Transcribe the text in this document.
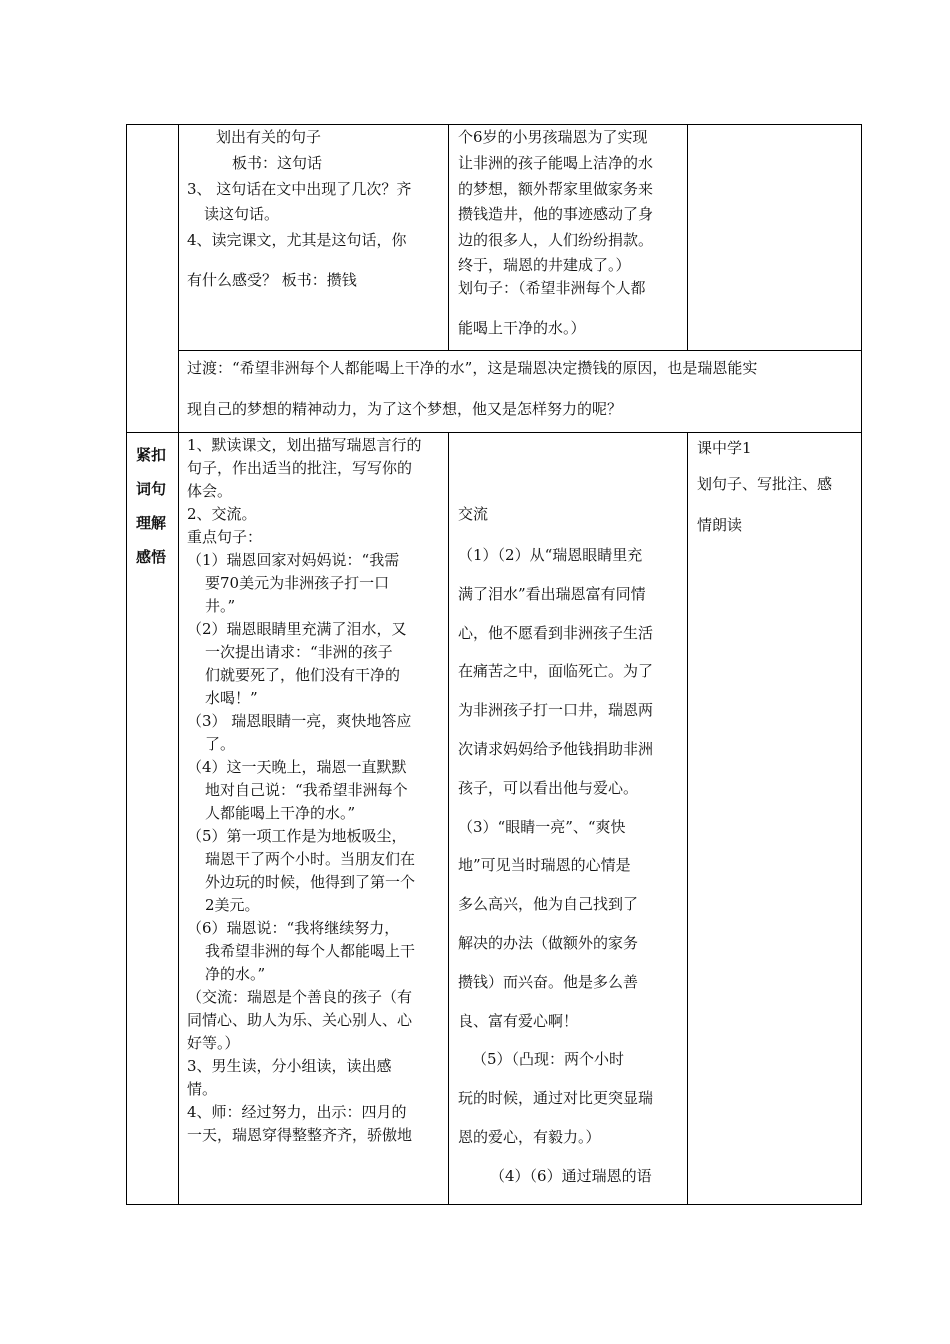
划出有关的句子
板书：这句话
3、 这句话在文中出现了几次？齐
读这句话。
4、读完课文，尤其是这句话，你
有什么感受？ 板书：攒钱
个6岁的小男孩瑞恩为了实现
让非洲的孩子能喝上洁净的水
的梦想，额外帮家里做家务来
攒钱造井，他的事迹感动了身
边的很多人，人们纷纷捐款。
终于，瑞恩的井建成了。）
划句子：（希望非洲每个人都
能喝上干净的水。）
过渡：“希望非洲每个人都能喝上干净的水”，这是瑞恩决定攒钱的原因，也是瑞恩能实
现自己的梦想的精神动力，为了这个梦想，他又是怎样努力的呢？
紧扣
词句
理解
感悟
1、默读课文，划出描写瑞恩言行的
句子，作出适当的批注，写写你的
体会。
2、交流。
重点句子：
（1）瑞恩回家对妈妈说：“我需
要70美元为非洲孩子打一口
井。”
（2）瑞恩眼睛里充满了泪水，又
一次提出请求：“非洲的孩子
们就要死了，他们没有干净的
水喝！”
（3） 瑞恩眼睛一亮，爽快地答应
了。
（4）这一天晚上，瑞恩一直默默
地对自己说：“我希望非洲每个
人都能喝上干净的水。”
（5）第一项工作是为地板吸尘，
瑞恩干了两个小时。当朋友们在
外边玩的时候，他得到了第一个
2美元。
（6）瑞恩说：“我将继续努力，
我希望非洲的每个人都能喝上干
净的水。”
（交流：瑞恩是个善良的孩子（有
同情心、助人为乐、关心别人、心
好等。）
3、男生读，分小组读，读出感
情。
4、师：经过努力，出示：四月的
一天，瑞恩穿得整整齐齐，骄傲地
交流
（1）（2）从“瑞恩眼睛里充
满了泪水”看出瑞恩富有同情
心，他不愿看到非洲孩子生活
在痛苦之中，面临死亡。为了
为非洲孩子打一口井，瑞恩两
次请求妈妈给予他钱捐助非洲
孩子，可以看出他与爱心。
（3）“眼睛一亮”、“爽快
地”可见当时瑞恩的心情是
多么高兴，他为自己找到了
解决的办法（做额外的家务
攒钱）而兴奋。他是多么善
良、富有爱心啊！
（5）（凸现：两个小时
玩的时候，通过对比更突显瑞
恩的爱心，有毅力。）
（4）（6）通过瑞恩的语
课中学1
划句子、写批注、感
情朗读
